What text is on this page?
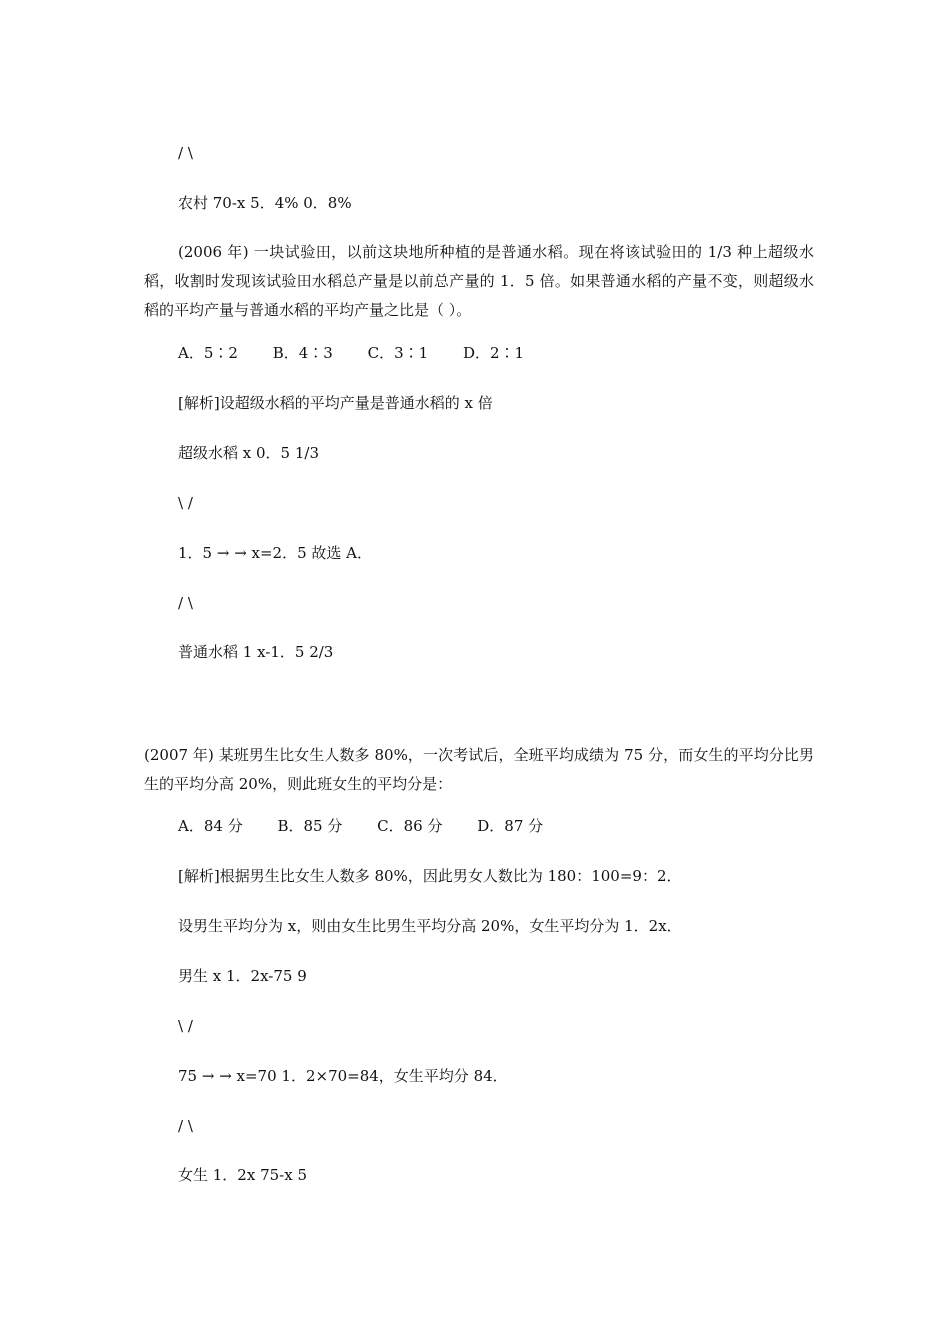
/ \
农村 70-x 5．4% 0．8%
(2006 年) 一块试验田，以前这块地所种植的是普通水稻。现在将该试验田的 1/3 种上超级水稻，收割时发现该试验田水稻总产量是以前总产量的 1．5 倍。如果普通水稻的产量不变，则超级水稻的平均产量与普通水稻的平均产量之比是（ ）。
A．5∶2 B．4∶3 C．3∶1 D．2∶1
[解析]设超级水稻的平均产量是普通水稻的 x 倍
超级水稻 x 0．5 1/3
\ /
1．5 → → x=2．5 故选 A．
/ \
普通水稻 1 x-1．5 2/3
(2007 年) 某班男生比女生人数多 80%，一次考试后，全班平均成绩为 75 分，而女生的平均分比男生的平均分高 20%，则此班女生的平均分是：
A．84 分 B．85 分 C．86 分 D．87 分
[解析]根据男生比女生人数多 80%，因此男女人数比为 180：100=9：2．
设男生平均分为 x，则由女生比男生平均分高 20%，女生平均分为 1．2x．
男生 x 1．2x-75 9
\ /
75 → → x=70 1．2×70=84，女生平均分 84．
/ \
女生 1．2x 75-x 5
